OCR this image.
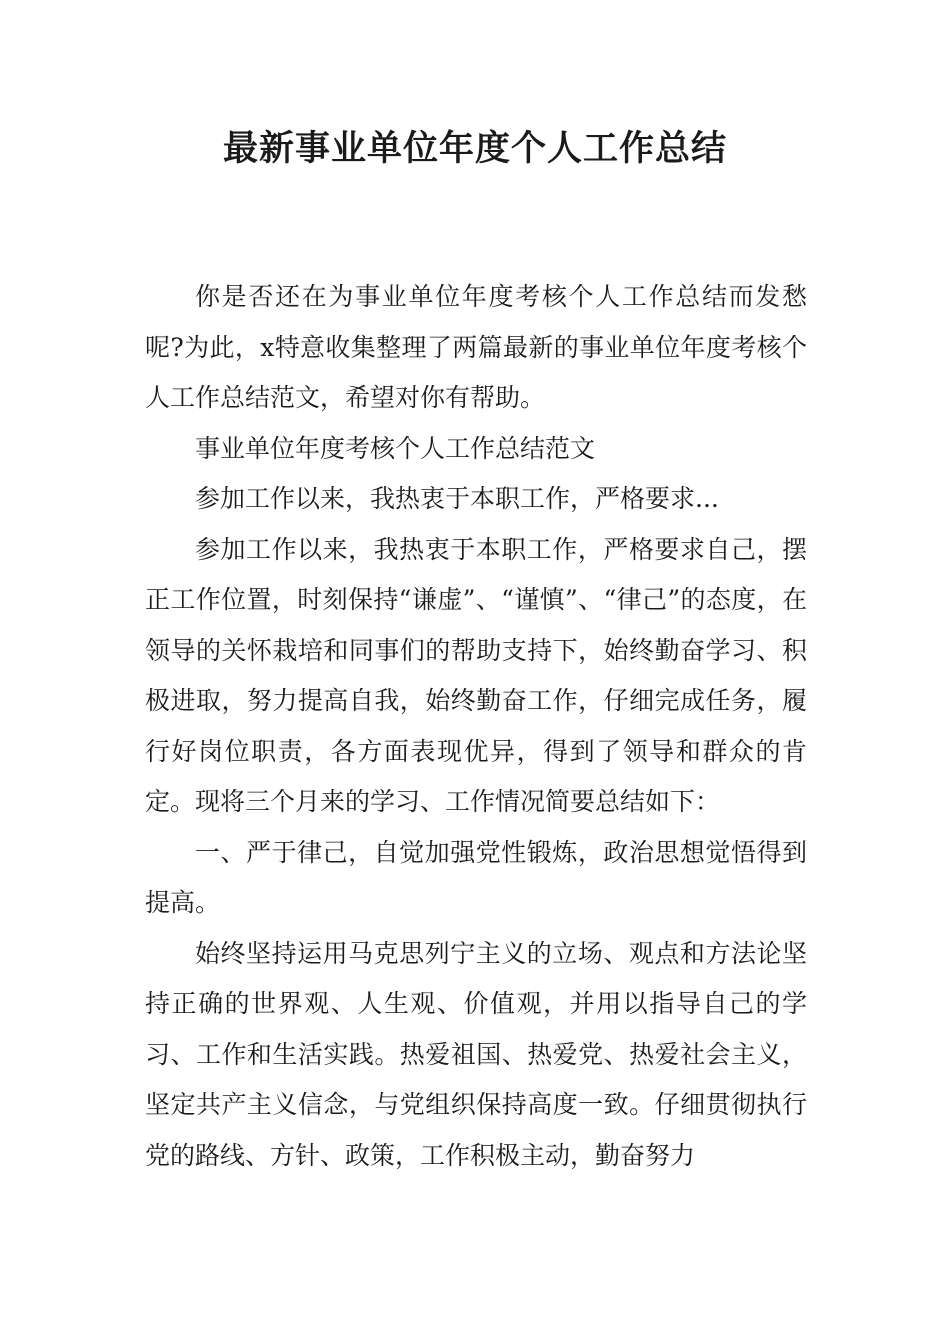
最新事业单位年度个人工作总结

你是否还在为事业单位年度考核个人工作总结而发愁呢?为此，x特意收集整理了两篇最新的事业单位年度考核个人工作总结范文，希望对你有帮助。

事业单位年度考核个人工作总结范文

参加工作以来，我热衷于本职工作，严格要求...

参加工作以来，我热衷于本职工作，严格要求自己，摆正工作位置，时刻保持“谦虚”、“谨慎”、“律己”的态度，在领导的关怀栽培和同事们的帮助支持下，始终勤奋学习、积极进取，努力提高自我，始终勤奋工作，仔细完成任务，履行好岗位职责，各方面表现优异，得到了领导和群众的肯定。现将三个月来的学习、工作情况简要总结如下：

一、严于律己，自觉加强党性锻炼，政治思想觉悟得到提高。

始终坚持运用马克思列宁主义的立场、观点和方法论坚持正确的世界观、人生观、价值观，并用以指导自己的学习、工作和生活实践。热爱祖国、热爱党、热爱社会主义，坚定共产主义信念，与党组织保持高度一致。仔细贯彻执行党的路线、方针、政策，工作积极主动，勤奋努力
